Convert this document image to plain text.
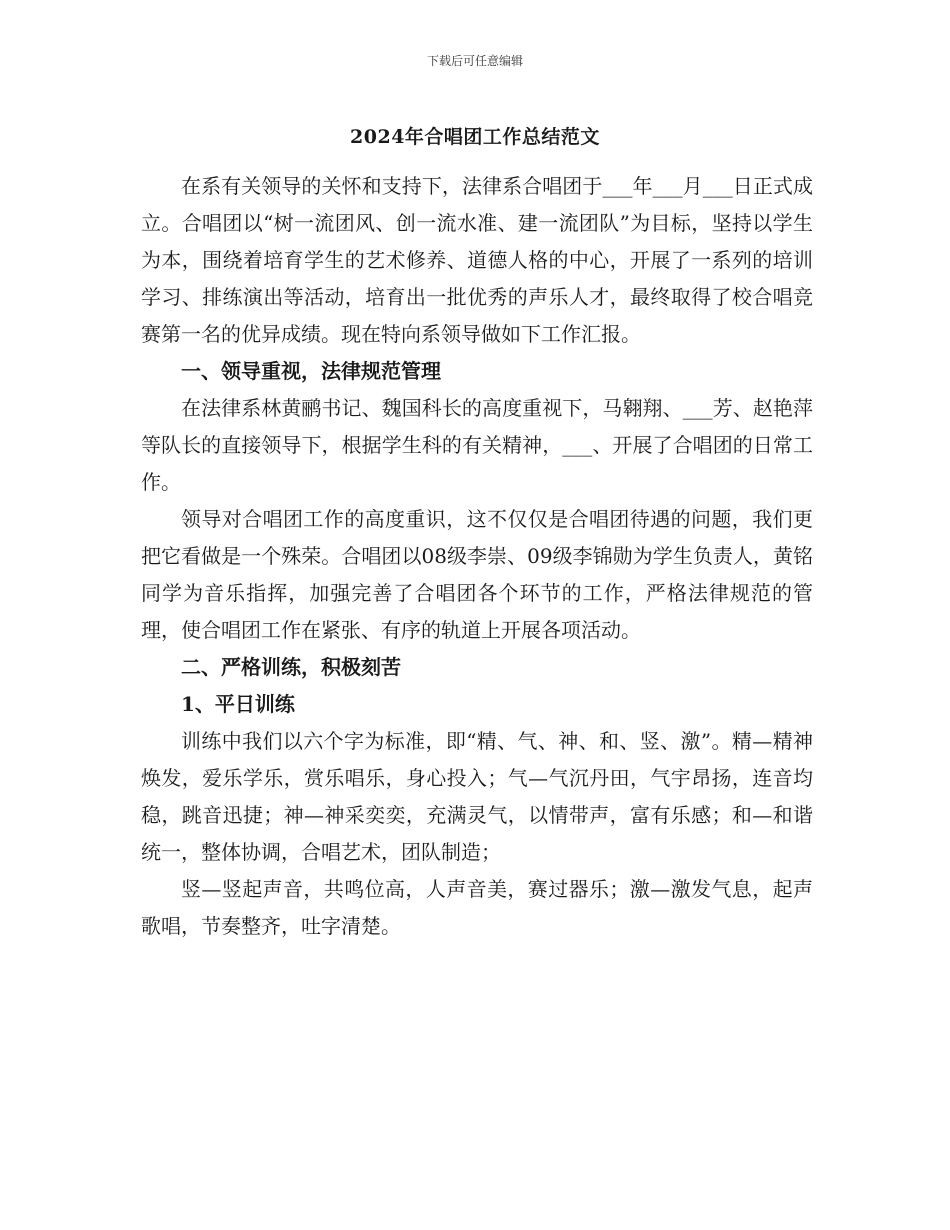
下载后可任意编辑
2024年合唱团工作总结范文

在系有关领导的关怀和支持下，法律系合唱团于___年___月___日正式成立。合唱团以“树一流团风、创一流水准、建一流团队”为目标，坚持以学生为本，围绕着培育学生的艺术修养、道德人格的中心，开展了一系列的培训学习、排练演出等活动，培育出一批优秀的声乐人才，最终取得了校合唱竞赛第一名的优异成绩。现在特向系领导做如下工作汇报。

一、领导重视，法律规范管理

在法律系林黄鹂书记、魏国科长的高度重视下，马翱翔、___芳、赵艳萍等队长的直接领导下，根据学生科的有关精神，___、开展了合唱团的日常工作。

领导对合唱团工作的高度重识，这不仅仅是合唱团待遇的问题，我们更把它看做是一个殊荣。合唱团以08级李崇、09级李锦勋为学生负责人，黄铭同学为音乐指挥，加强完善了合唱团各个环节的工作，严格法律规范的管理，使合唱团工作在紧张、有序的轨道上开展各项活动。

二、严格训练，积极刻苦

1、平日训练

训练中我们以六个字为标准，即“精、气、神、和、竖、激”。精—精神焕发，爱乐学乐，赏乐唱乐，身心投入；气—气沉丹田，气宇昂扬，连音均稳，跳音迅捷；神—神采奕奕，充满灵气，以情带声，富有乐感；和—和谐统一，整体协调，合唱艺术，团队制造；

竖—竖起声音，共鸣位高，人声音美，赛过器乐；激—激发气息，起声歌唱，节奏整齐，吐字清楚。
